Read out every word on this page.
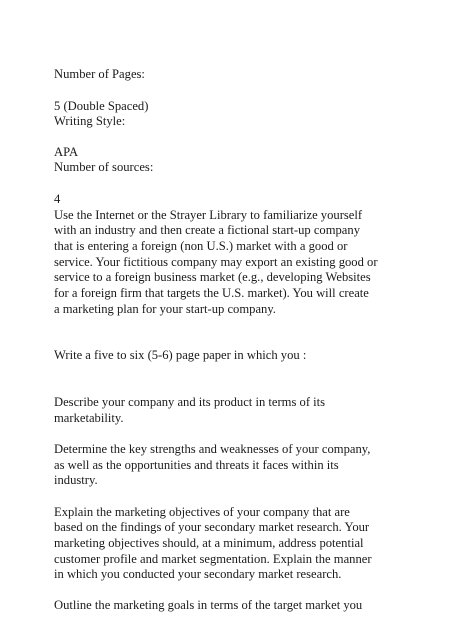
Number of Pages:

5 (Double Spaced)

Writing Style:

APA

Number of sources:

4

Use the Internet or the Strayer Library to familiarize yourself

with an industry and then create a fictional start-up company

that is entering a foreign (non U.S.) market with a good or

service. Your fictitious company may export an existing good or

service to a foreign business market (e.g., developing Websites

for a foreign firm that targets the U.S. market). You will create

a marketing plan for your start-up company.

Write a five to six (5-6) page paper in which you :

Describe your company and its product in terms of its

marketability.

Determine the key strengths and weaknesses of your company,

as well as the opportunities and threats it faces within its

industry.

Explain the marketing objectives of your company that are

based on the findings of your secondary market research. Your

marketing objectives should, at a minimum, address potential

customer profile and market segmentation. Explain the manner

in which you conducted your secondary market research.

Outline the marketing goals in terms of the target market you
